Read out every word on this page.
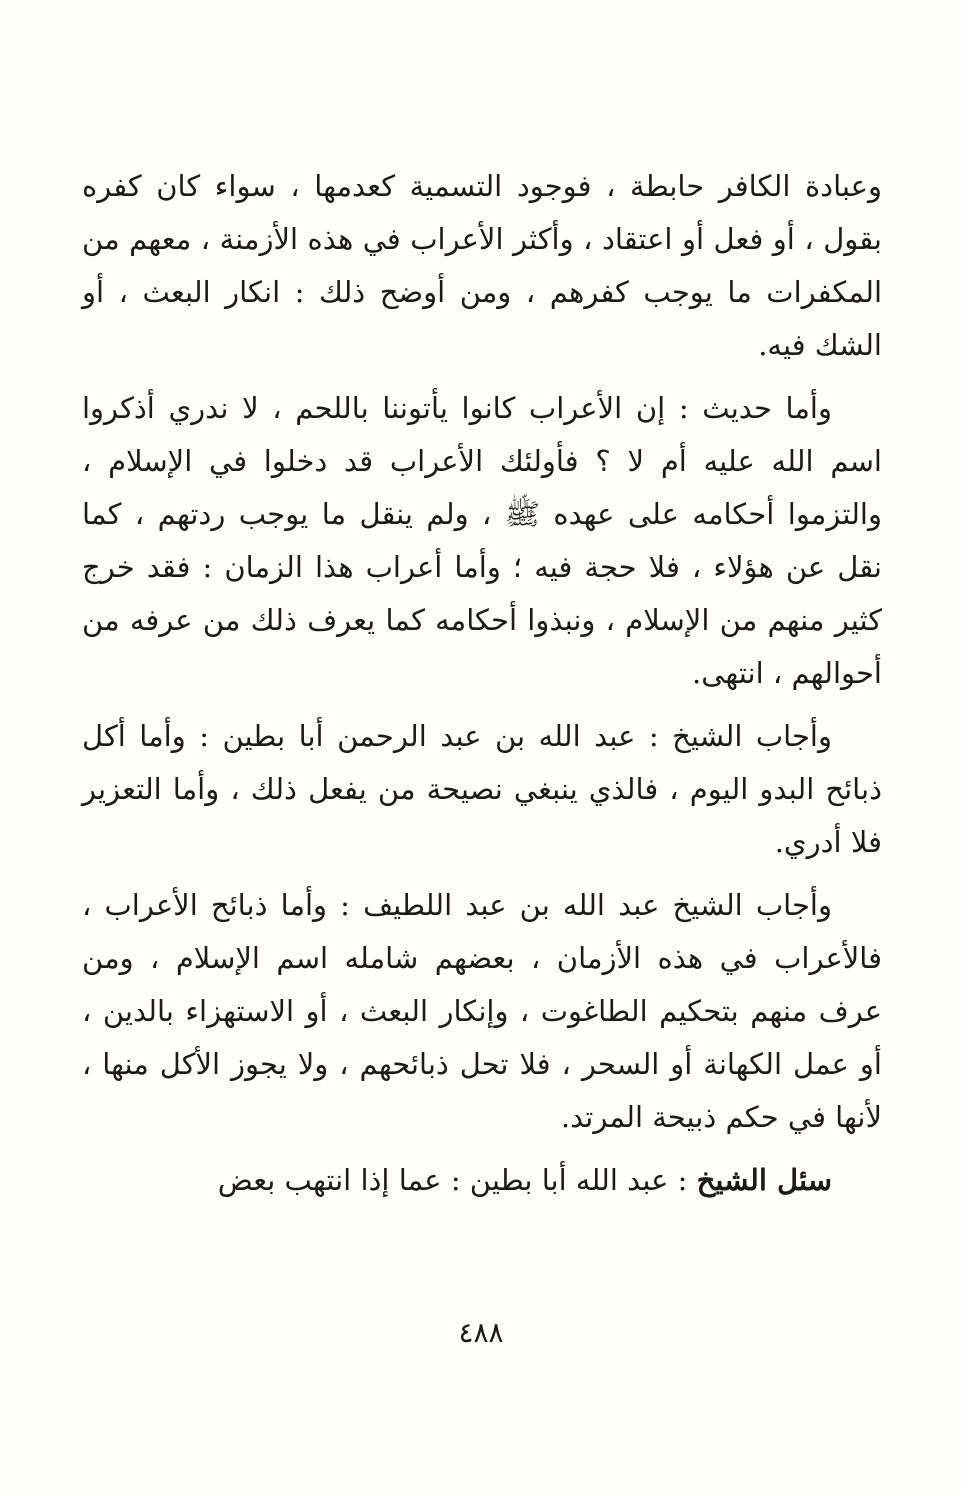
وعبادة الكافر حابطة ، فوجود التسمية كعدمها ، سواء كان كفره بقول ، أو فعل أو اعتقاد ، وأكثر الأعراب في هذه الأزمنة ، معهم من المكفرات ما يوجب كفرهم ، ومن أوضح ذلك : انكار البعث ، أو الشك فيه.

وأما حديث : إن الأعراب كانوا يأتوننا باللحم ، لا ندري أذكروا اسم الله عليه أم لا ؟ فأولئك الأعراب قد دخلوا في الإسلام ، والتزموا أحكامه على عهده ﷺ ، ولم ينقل ما يوجب ردتهم ، كما نقل عن هؤلاء ، فلا حجة فيه ؛ وأما أعراب هذا الزمان : فقد خرج كثير منهم من الإسلام ، ونبذوا أحكامه كما يعرف ذلك من عرفه من أحوالهم ، انتهى.

وأجاب الشيخ : عبد الله بن عبد الرحمن أبا بطين : وأما أكل ذبائح البدو اليوم ، فالذي ينبغي نصيحة من يفعل ذلك ، وأما التعزير فلا أدري.

وأجاب الشيخ عبد الله بن عبد اللطيف : وأما ذبائح الأعراب ، فالأعراب في هذه الأزمان ، بعضهم شامله اسم الإسلام ، ومن عرف منهم بتحكيم الطاغوت ، وإنكار البعث ، أو الاستهزاء بالدين ، أو عمل الكهانة أو السحر ، فلا تحل ذبائحهم ، ولا يجوز الأكل منها ، لأنها في حكم ذبيحة المرتد.

سئل الشيخ : عبد الله أبا بطين : عما إذا انتهب بعض

٤٨٨
